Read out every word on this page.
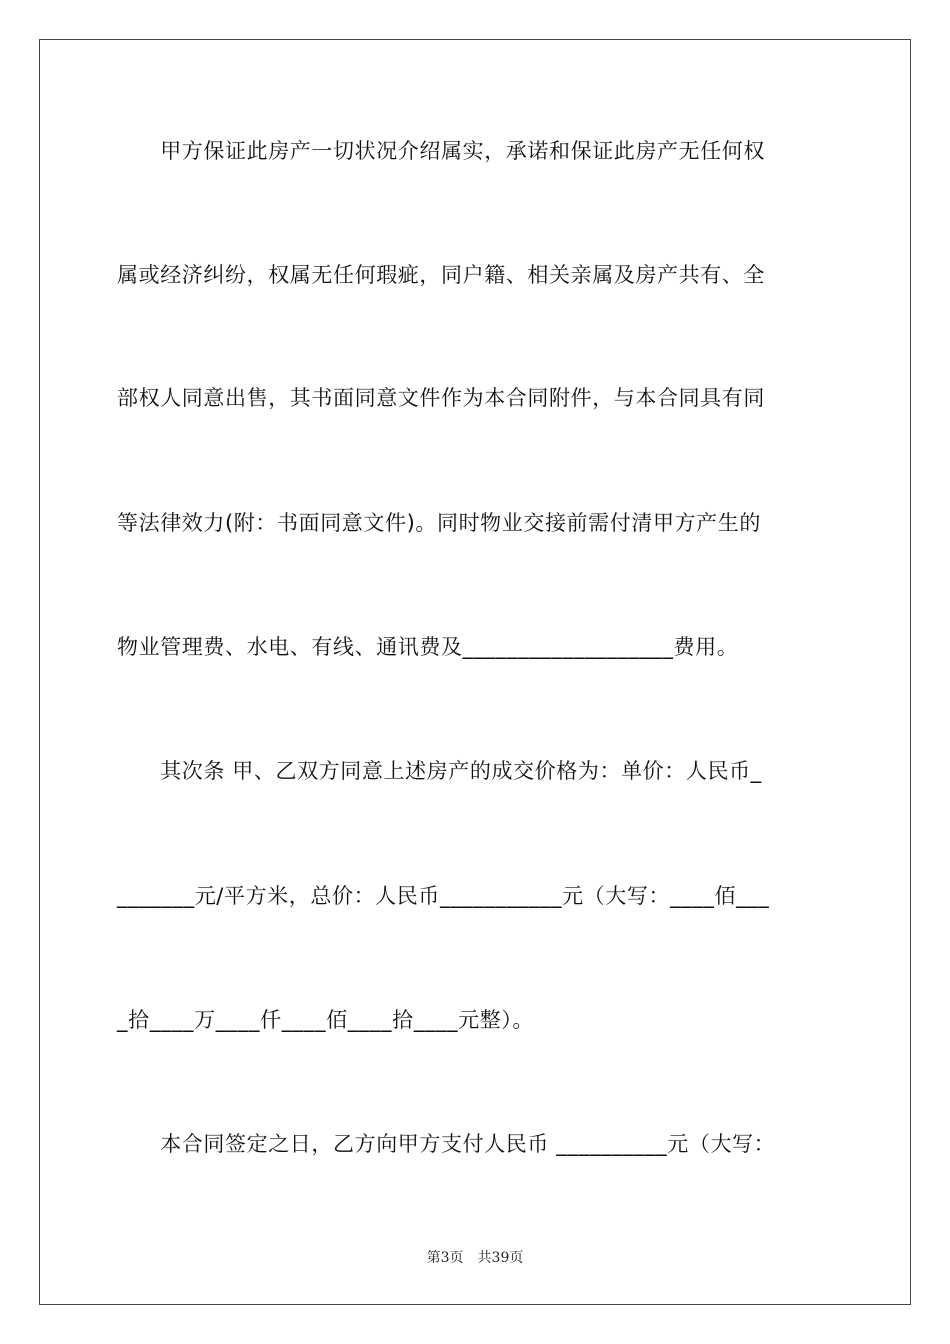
　　甲方保证此房产一切状况介绍属实，承诺和保证此房产无任何权
属或经济纠纷，权属无任何瑕疵，同户籍、相关亲属及房产共有、全
部权人同意出售，其书面同意文件作为本合同附件，与本合同具有同
等法律效力(附：书面同意文件)。同时物业交接前需付清甲方产生的
物业管理费、水电、有线、通讯费及___________________费用。
　　其次条 甲、乙双方同意上述房产的成交价格为：单价：人民币_
_______元/平方米，总价：人民币___________元（大写：____佰___
_拾____万____仟____佰____拾____元整）。
　　本合同签定之日，乙方向甲方支付人民币 __________元（大写：
第3页　共39页
